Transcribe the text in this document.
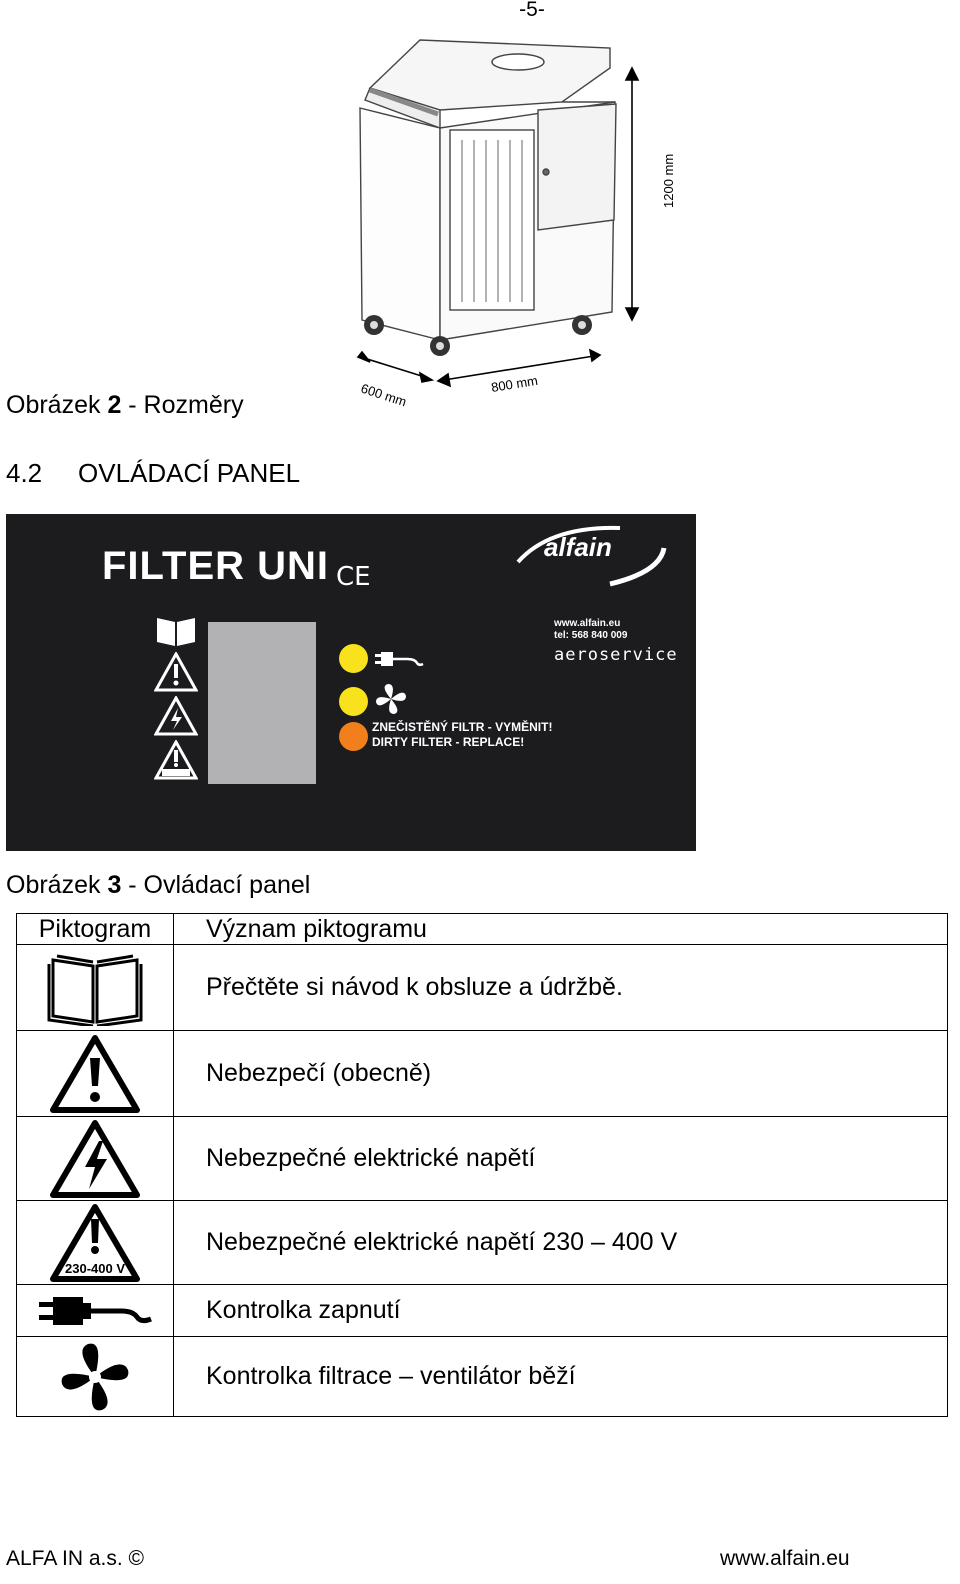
-5-
1200 mm
600 mm	800 mm
Obrázek 2 - Rozměry
4.2 OVLÁDACÍ PANEL
FILTER UNI CE
alfain
www.alfain.eu
tel: 568 840 009
aeroservice
ZNEČISTĚNÝ FILTR - VYMĚNIT!
DIRTY FILTER - REPLACE!
Obrázek 3 - Ovládací panel
Piktogram	Význam piktogramu

	Přečtěte si návod k obsluze a údržbě.

	Nebezpečí (obecně)

	Nebezpečné elektrické napětí

230-400 V	Nebezpečné elektrické napětí 230 – 400 V

	Kontrolka zapnutí

	Kontrolka filtrace – ventilátor běží
ALFA IN a.s. ©	www.alfain.eu
